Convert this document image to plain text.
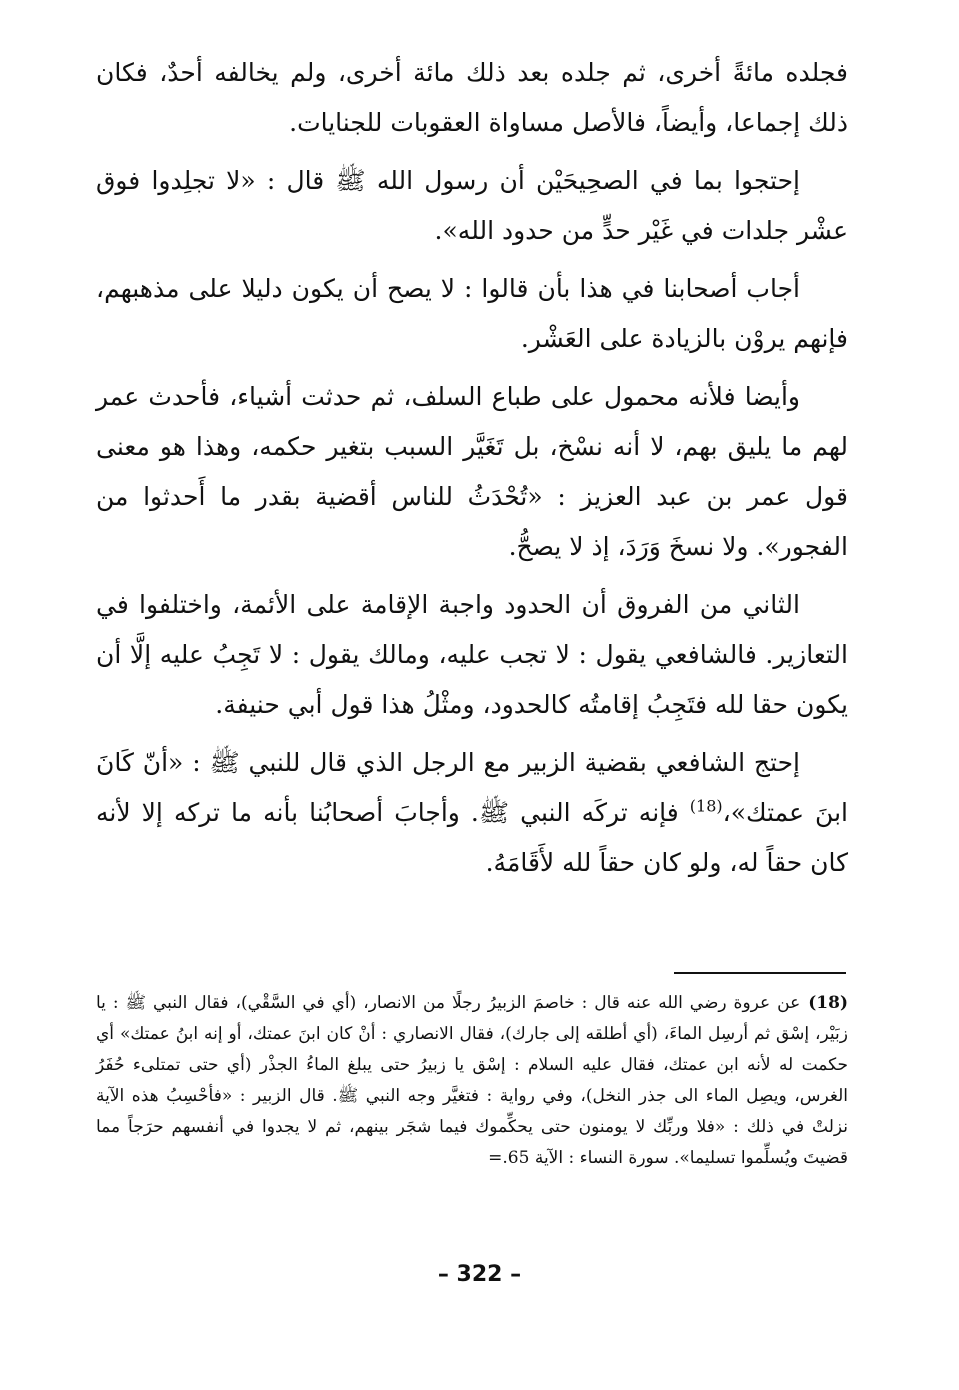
فجلده مائةً أخرى، ثم جلده بعد ذلك مائة أخرى، ولم يخالفه أحدٌ، فكان ذلك إجماعا، وأيضاً، فالأصل مساواة العقوبات للجنايات.

إحتجوا بما في الصحِيحَيْن أن رسول الله ﷺ قال : «لا تجلِدوا فوق عشْر جلدات في غَيْر حدٍّ من حدود الله».

أجاب أصحابنا في هذا بأن قالوا : لا يصح أن يكون دليلا على مذهبهم، فإنهم يروْن بالزيادة على العَشْر.

وأيضا فلأنه محمول على طباع السلف، ثم حدثت أشياء، فأحدث عمر لهم ما يليق بهم، لا أنه نسْخ، بل تَغَيَّر السبب بتغير حكمه، وهذا هو معنى قول عمر بن عبد العزيز : «تُحْدَثُ للناس أقضية بقدر ما أَحدثوا من الفجور». ولا نسخَ وَرَدَ، إذ لا يصحُّ.

الثاني من الفروق أن الحدود واجبة الإقامة على الأئمة، واختلفوا في التعازير. فالشافعي يقول : لا تجب عليه، ومالك يقول : لا تَجِبُ عليه إلَّا أن يكون حقا لله فتَجِبُ إقامتُه كالحدود، ومثْلُ هذا قول أبي حنيفة.

إحتج الشافعي بقضية الزبير مع الرجل الذي قال للنبي ﷺ : «أنّ كَانَ ابنَ عمتك»،$^{(18)}$ فإنه تركَه النبي ﷺ. وأجابَ أصحابُنا بأنه ما تركه إلا لأنه كان حقاً له، ولو كان حقاً لله لأَقَامَهُ.

(18)عن عروة رضي الله عنه قال : خاصمَ الزبيرُ رجلًا من الانصار، (أي في السَّقْي)، فقال النبي ﷺ : يا زبَيْر، إسْق ثم أرسِل الماءَ، (أي أطلقه إلى جارك)، فقال الانصاري : أنْ كان ابنَ عمتك، أو إنه ابنُ عمتك» أي حكمت له لأنه ابن عمتك، فقال عليه السلام : إسْق يا زبيرُ حتى يبلغ الماءُ الجذْر (أي حتى تمتلىء حُفَرُ الغرس، ويصِل الماء الى جذر النخل)، وفي رواية : فتغيَّر وجه النبي ﷺ. قال الزبير : «فأحْسِبُ هذه الآية نزلتْ في ذلك : «فلا وربِّك لا يومنون حتى يحكِّموك فيما شجَر بينهم، ثم لا يجدوا في أنفسهم حرَجاً مما قضيتَ ويُسلِّموا تسليما». سورة النساء : الآية 65.=
– 322 –
